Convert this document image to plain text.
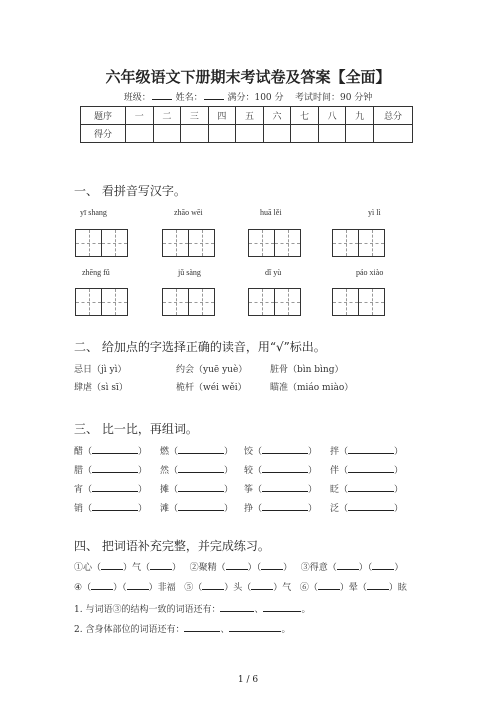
六年级语文下册期末考试卷及答案【全面】
班级：	姓名：	满分：100 分 考试时间：90 分钟
题序	一	二	三	四	五	六	七	八	九	总分
得分										
一、 看拼音写汉字。
yī shang	zhāo wēi	huā lěi	yì lì
zhēng fǔ	jǔ sàng	dǐ yù	páo xiào
二、 给加点的字选择正确的读音，用“√”标出。
忌日（jì yì）	约会（yuē yuè）	脏骨（bìn bìng）
肆虐（sì sī）	桅杆（wéi wěi）	瞄准（miáo miào）
三、 比一比，再组词。
醋（	） 燃（	） 饺（	） 拌（	）
腊（	） 然（	） 较（	） 伴（	）
宵（	） 摊（	） 筝（	） 眨（	）
销（	） 滩（	） 挣（	） 泛（	）
四、 把词语补充完整，并完成练习。
①心（ ）气（ ） ②聚精（ ）（ ） ③得意（ ）（ ）
④（ ）（ ）非福 ⑤（ ）头（ ）气 ⑥（ ）晕（ ）眩
1. 与词语③的结构一致的词语还有：	、	。
2. 含身体部位的词语还有：	、	。
1 / 6
